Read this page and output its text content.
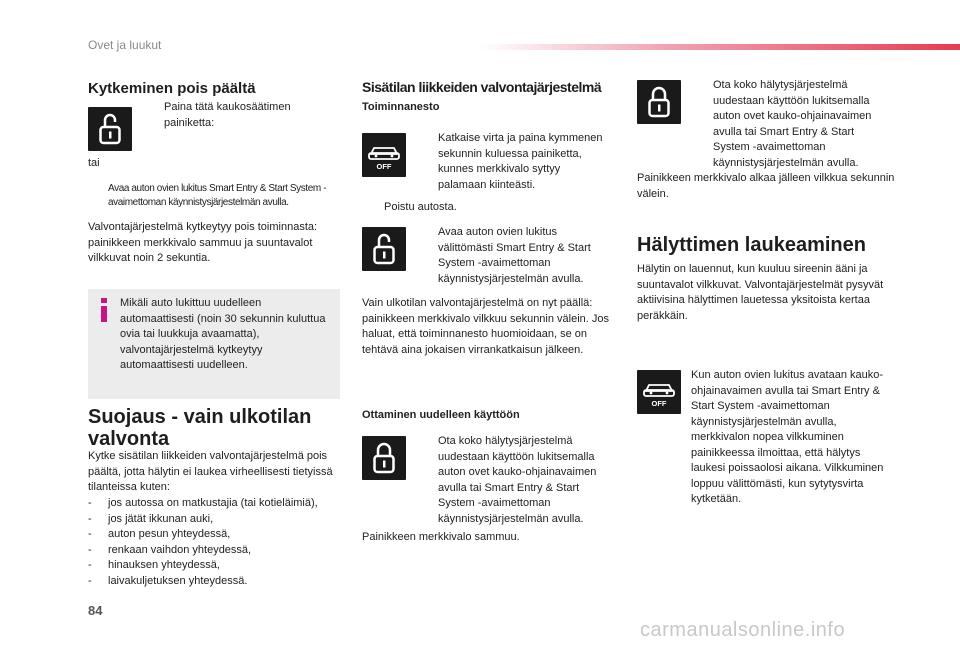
Ovet ja luukut
Kytkeminen pois päältä
Paina tätä kaukosäätimen painiketta:
tai
Avaa auton ovien lukitus Smart Entry & Start System -avaimettoman käynnistysjärjestelmän avulla.
Valvontajärjestelmä kytkeytyy pois toiminnasta: painikkeen merkkivalo sammuu ja suuntavalot vilkkuvat noin 2 sekuntia.
Mikäli auto lukittuu uudelleen automaattisesti (noin 30 sekunnin kuluttua ovia tai luukkuja avaamatta), valvontajärjestelmä kytkeytyy automaattisesti uudelleen.
Suojaus - vain ulkotilan
valvonta
Kytke sisätilan liikkeiden valvontajärjestelmä pois päältä, jotta hälytin ei laukea virheellisesti tietyissä tilanteissa kuten:
- jos autossa on matkustajia (tai kotieläimiä),
- jos jätät ikkunan auki,
- auton pesun yhteydessä,
- renkaan vaihdon yhteydessä,
- hinauksen yhteydessä,
- laivakuljetuksen yhteydessä.
Sisätilan liikkeiden valvontajärjestelmä
Toiminnanesto
OFF
Katkaise virta ja paina kymmenen sekunnin kuluessa painiketta, kunnes merkkivalo syttyy palamaan kiinteästi.
Poistu autosta.
Avaa auton ovien lukitus välittömästi Smart Entry & Start System -avaimettoman käynnistysjärjestelmän avulla.
Vain ulkotilan valvontajärjestelmä on nyt päällä: painikkeen merkkivalo vilkkuu sekunnin välein. Jos haluat, että toiminnanesto huomioidaan, se on tehtävä aina jokaisen virrankatkaisun jälkeen.
Ottaminen uudelleen käyttöön
Ota koko hälytysjärjestelmä uudestaan käyttöön lukitsemalla auton ovet kauko-ohjainavaimen avulla tai Smart Entry & Start System -avaimettoman käynnistysjärjestelmän avulla.
Painikkeen merkkivalo sammuu.
Ota koko hälytysjärjestelmä uudestaan käyttöön lukitsemalla auton ovet kauko-ohjainavaimen avulla tai Smart Entry & Start System -avaimettoman käynnistysjärjestelmän avulla.
Painikkeen merkkivalo alkaa jälleen vilkkua sekunnin välein.
Hälyttimen laukeaminen
Hälytin on lauennut, kun kuuluu sireenin ääni ja suuntavalot vilkkuvat. Valvontajärjestelmät pysyvät aktiivisina hälyttimen lauetessa yksitoista kertaa peräkkäin.
OFF
Kun auton ovien lukitus avataan kauko-ohjainavaimen avulla tai Smart Entry & Start System -avaimettoman käynnistysjärjestelmän avulla, merkkivalon nopea vilkkuminen painikkeessa ilmoittaa, että hälytys laukesi poissaolosi aikana. Vilkkuminen loppuu välittömästi, kun sytytysvirta kytketään.
84
carmanualsonline.info
